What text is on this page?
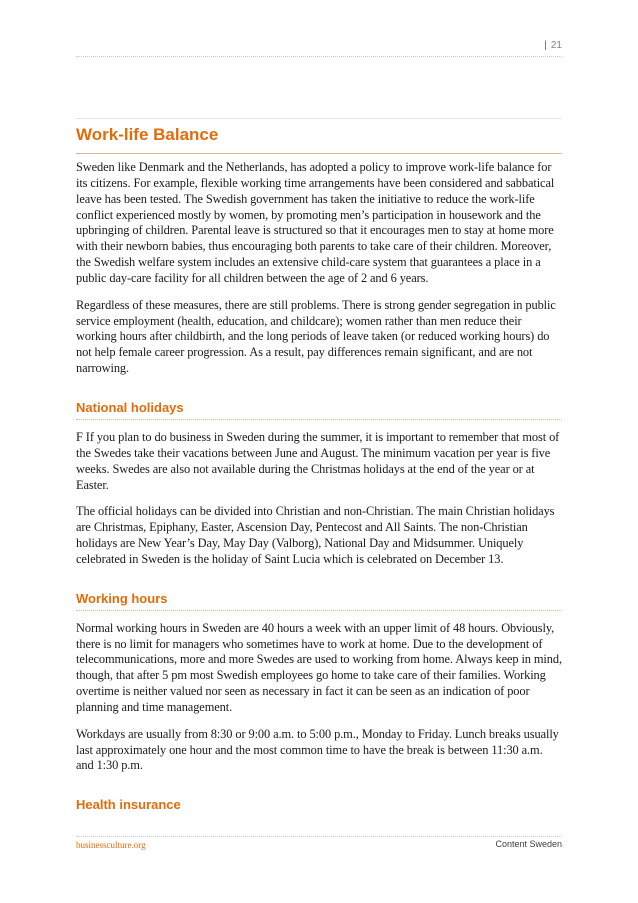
| 21
Work-life Balance

Sweden like Denmark and the Netherlands, has adopted a policy to improve work-life balance for its citizens. For example, flexible working time arrangements have been considered and sabbatical leave has been tested. The Swedish government has taken the initiative to reduce the work-life conflict experienced mostly by women, by promoting men’s participation in housework and the upbringing of children. Parental leave is structured so that it encourages men to stay at home more with their newborn babies, thus encouraging both parents to take care of their children. Moreover, the Swedish welfare system includes an extensive child-care system that guarantees a place in a public day-care facility for all children between the age of 2 and 6 years.

Regardless of these measures, there are still problems. There is strong gender segregation in public service employment (health, education, and childcare); women rather than men reduce their working hours after childbirth, and the long periods of leave taken (or reduced working hours) do not help female career progression. As a result, pay differences remain significant, and are not narrowing.

National holidays

F If you plan to do business in Sweden during the summer, it is important to remember that most of the Swedes take their vacations between June and August. The minimum vacation per year is five weeks. Swedes are also not available during the Christmas holidays at the end of the year or at Easter.

The official holidays can be divided into Christian and non-Christian. The main Christian holidays are Christmas, Epiphany, Easter, Ascension Day, Pentecost and All Saints. The non-Christian holidays are New Year’s Day, May Day (Valborg), National Day and Midsummer. Uniquely celebrated in Sweden is the holiday of Saint Lucia which is celebrated on December 13.

Working hours

Normal working hours in Sweden are 40 hours a week with an upper limit of 48 hours. Obviously, there is no limit for managers who sometimes have to work at home. Due to the development of telecommunications, more and more Swedes are used to working from home. Always keep in mind, though, that after 5 pm most Swedish employees go home to take care of their families. Working overtime is neither valued nor seen as necessary in fact it can be seen as an indication of poor planning and time management.

Workdays are usually from 8:30 or 9:00 a.m. to 5:00 p.m., Monday to Friday. Lunch breaks usually last approximately one hour and the most common time to have the break is between 11:30 a.m. and 1:30 p.m.

Health insurance
businessculture.org	Content Sweden
